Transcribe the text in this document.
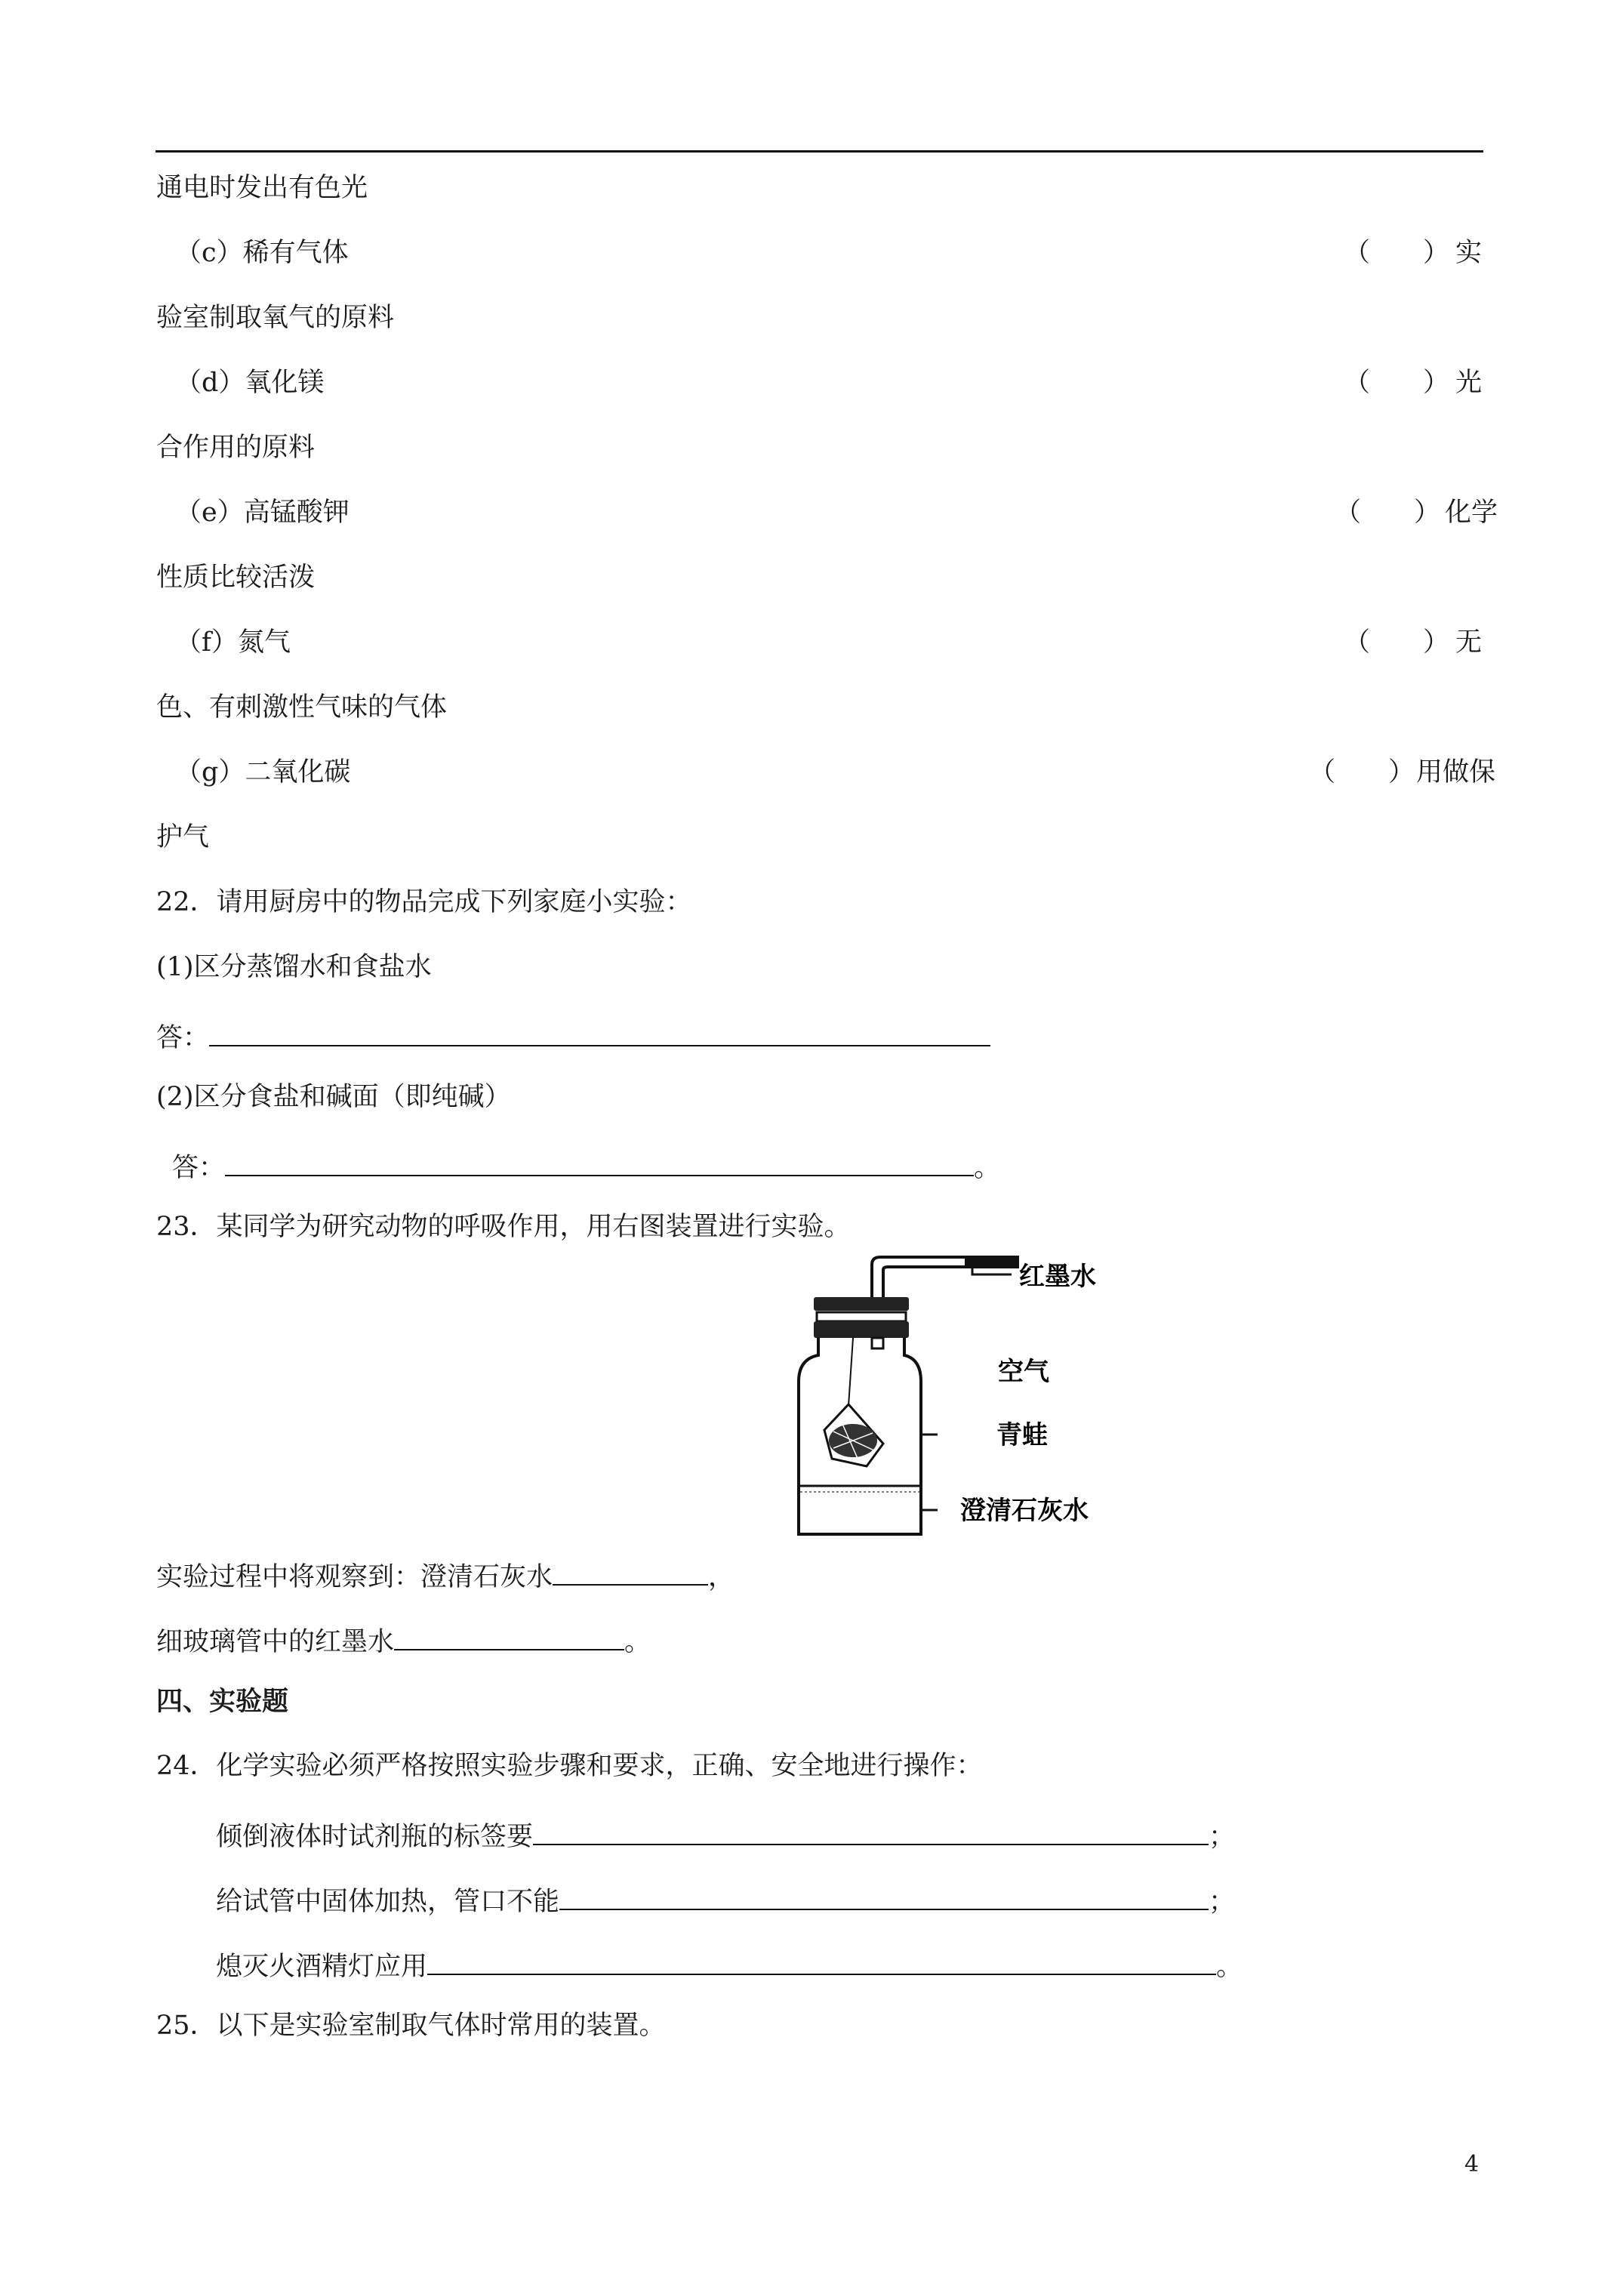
通电时发出有色光
（c）稀有气体	（　　） 实
验室制取氧气的原料
（d）氧化镁	（　　） 光
合作用的原料
（e）高锰酸钾	（　　） 化学
性质比较活泼
（f）氮气	（　　） 无
色、有刺激性气味的气体
（g）二氧化碳	（　　） 用做保
护气
22．请用厨房中的物品完成下列家庭小实验：
(1)区分蒸馏水和食盐水
答：
(2)区分食盐和碱面（即纯碱）
答：	。
23．某同学为研究动物的呼吸作用，用右图装置进行实验。
红墨水
空气
青蛙
澄清石灰水
实验过程中将观察到：澄清石灰水	，
细玻璃管中的红墨水	。
四、实验题
24．化学实验必须严格按照实验步骤和要求，正确、安全地进行操作：
倾倒液体时试剂瓶的标签要	；
给试管中固体加热，管口不能	；
熄灭火酒精灯应用	。
25．以下是实验室制取气体时常用的装置。
4
